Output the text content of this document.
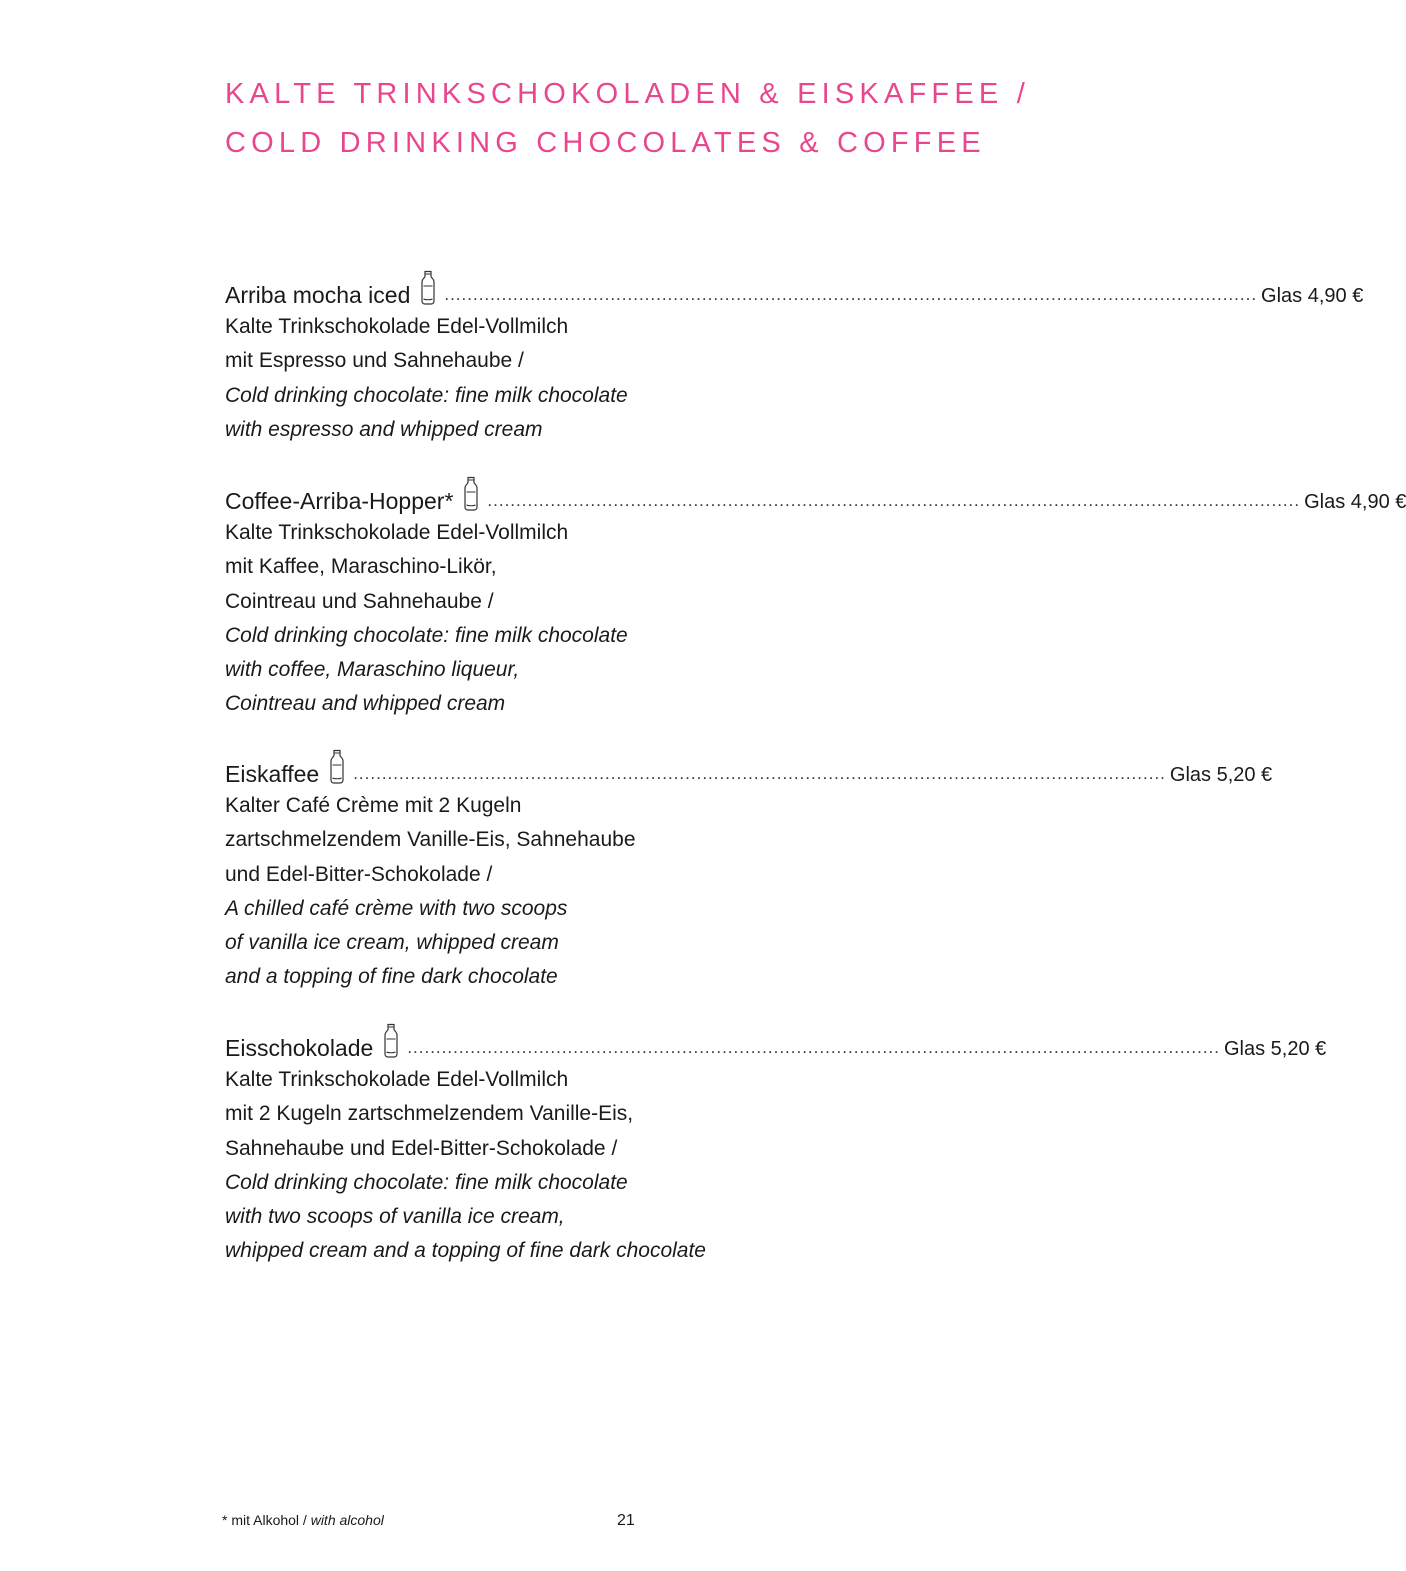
KALTE TRINKSCHOKOLADEN & EISKAFFEE /
COLD DRINKING CHOCOLATES & COFFEE
Arriba mocha iced .............................................................................................................................................. Glas 4,90 €
Kalte Trinkschokolade Edel-Vollmilch
mit Espresso und Sahnehaube /
Cold drinking chocolate: fine milk chocolate
with espresso and whipped cream
Coffee-Arriba-Hopper* .............................................................................................................................................. Glas 4,90 €
Kalte Trinkschokolade Edel-Vollmilch
mit Kaffee, Maraschino-Likör,
Cointreau und Sahnehaube /
Cold drinking chocolate: fine milk chocolate
with coffee, Maraschino liqueur,
Cointreau and whipped cream
Eiskaffee .............................................................................................................................................. Glas 5,20 €
Kalter Café Crème mit 2 Kugeln
zartschmelzendem Vanille-Eis, Sahnehaube
und Edel-Bitter-Schokolade /
A chilled café crème with two scoops
of vanilla ice cream, whipped cream
and a topping of fine dark chocolate
Eisschokolade .............................................................................................................................................. Glas 5,20 €
Kalte Trinkschokolade Edel-Vollmilch
mit 2 Kugeln zartschmelzendem Vanille-Eis,
Sahnehaube und Edel-Bitter-Schokolade /
Cold drinking chocolate: fine milk chocolate
with two scoops of vanilla ice cream,
whipped cream and a topping of fine dark chocolate
* mit Alkohol / with alcohol	21
